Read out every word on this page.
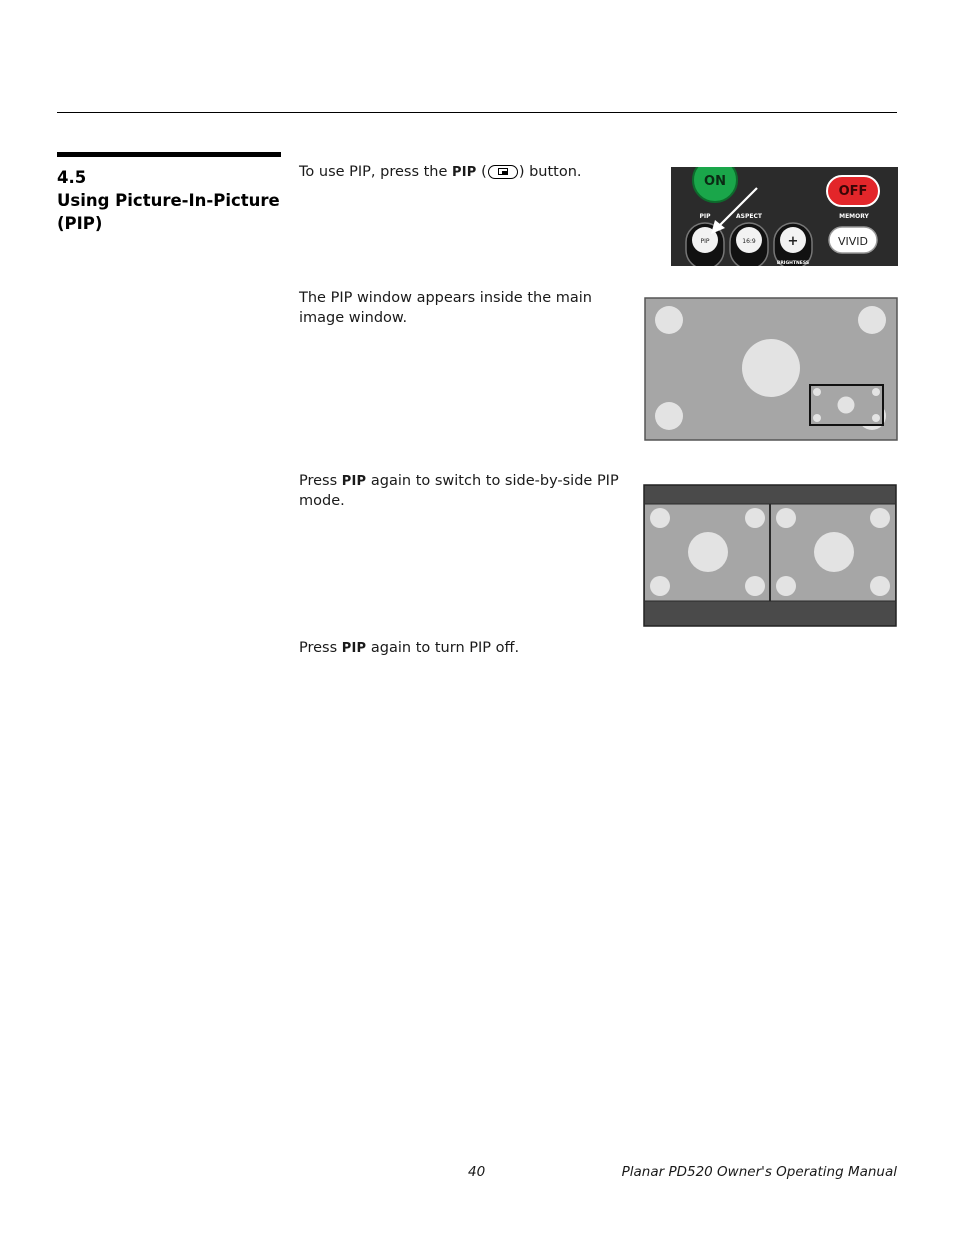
4.5
Using Picture-In-Picture (PIP)
To use PIP, press the PIP ( ) button.
ON
OFF
PIP	ASPECT	MEMORY
PIP	16:9 +
BRIGHTNESS
VIVID
The PIP window appears inside the main image window.
Press PIP again to switch to side-by-side PIP mode.
Press PIP again to turn PIP off.
40	Planar PD520 Owner's Operating Manual
